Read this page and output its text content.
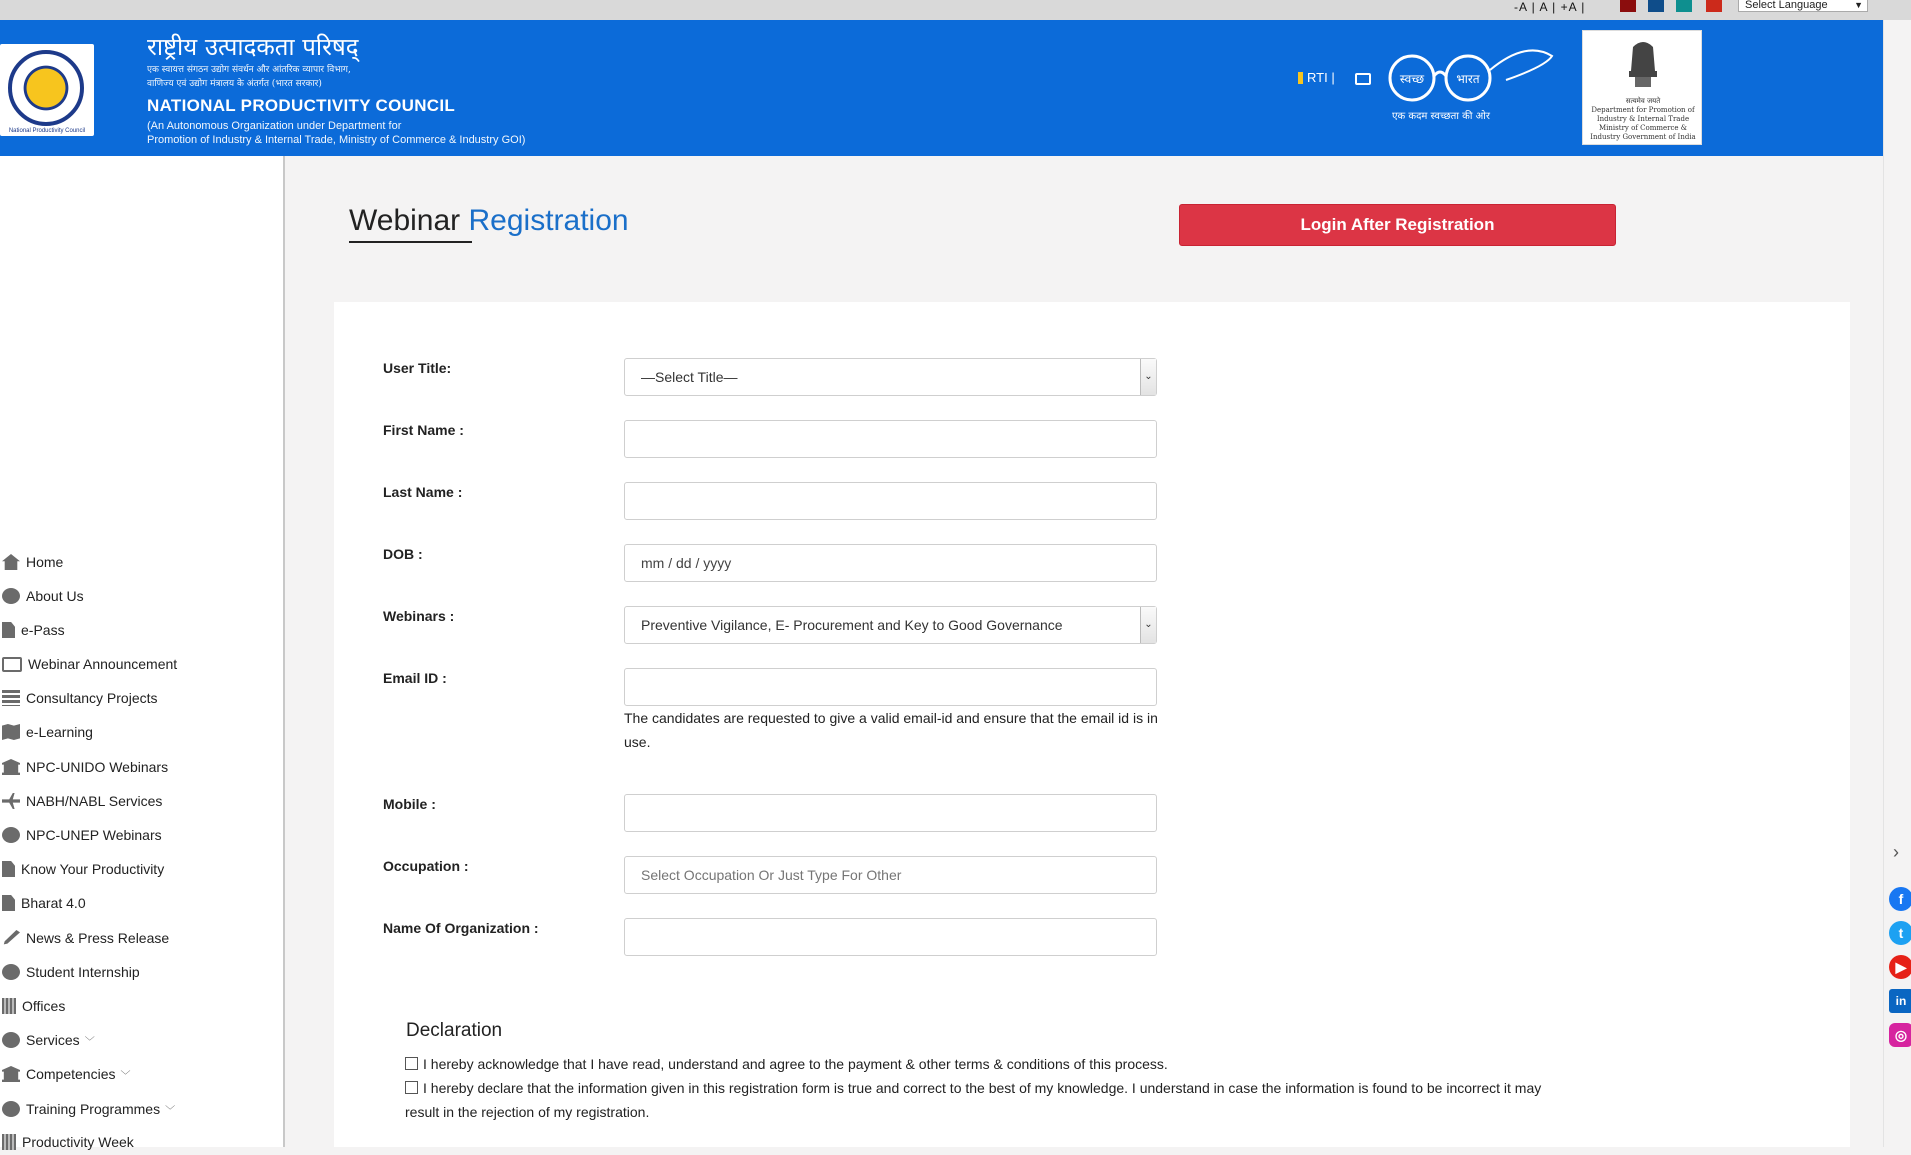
-A | A | +A |	Select Language	▼
National Productivity Council
राष्ट्रीय उत्पादकता परिषद्
एक स्वायत्त संगठन उद्योग संवर्धन और आंतरिक व्यापार विभाग,
वाणिज्य एवं उद्योग मंत्रालय के अंतर्गत (भारत सरकार)
NATIONAL PRODUCTIVITY COUNCIL
(An Autonomous Organization under Department for
Promotion of Industry & Internal Trade, Ministry of Commerce & Industry GOI)
RTI |	स्वच्छ	भारत
एक कदम स्वच्छता की ओर
सत्यमेव जयते
Department for Promotion of
Industry & Internal Trade
Ministry of Commerce &
Industry Government of India
Home
About Us
e-Pass
Webinar Announcement
Consultancy Projects
e-Learning
NPC-UNIDO Webinars
NABH/NABL Services
NPC-UNEP Webinars
Know Your Productivity
Bharat 4.0
News & Press Release
Student Internship
Offices
Services ﹀
Competencies ﹀
Training Programmes ﹀
Productivity Week
Webinar Registration	Login After Registration
User Title:
—Select Title—	⌄
First Name :
Last Name :
DOB :
mm / dd / yyyy
Webinars :
Preventive Vigilance, E- Procurement and Key to Good Governance	⌄
Email ID :
The candidates are requested to give a valid email-id and ensure that the email id is in use.
Mobile :
Occupation :
Select Occupation Or Just Type For Other
Name Of Organization :
Declaration
I hereby acknowledge that I have read, understand and agree to the payment & other terms & conditions of this process.
I hereby declare that the information given in this registration form is true and correct to the best of my knowledge. I understand in case the information is found to be incorrect it may result in the rejection of my registration.
›
f
t
▶
in
◎
